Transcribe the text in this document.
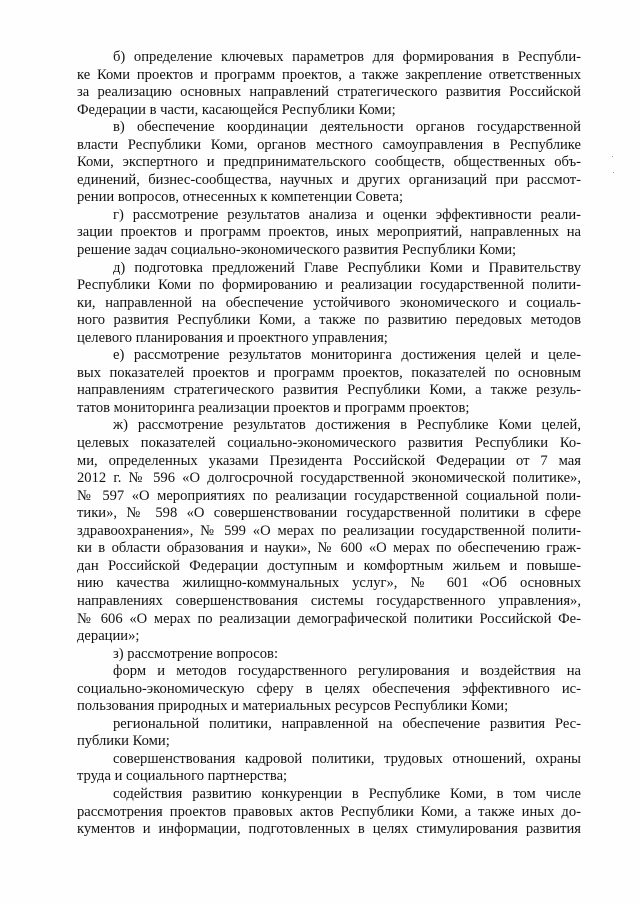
б) определение ключевых параметров для формирования в Республи-
ке Коми проектов и программ проектов, а также закрепление ответственных
за реализацию основных направлений стратегического развития Российской
Федерации в части, касающейся Республики Коми;
в) обеспечение координации деятельности органов государственной
власти Республики Коми, органов местного самоуправления в Республике
Коми, экспертного и предпринимательского сообществ, общественных объ-
единений, бизнес-сообщества, научных и других организаций при рассмот-
рении вопросов, отнесенных к компетенции Совета;
г) рассмотрение результатов анализа и оценки эффективности реали-
зации проектов и программ проектов, иных мероприятий, направленных на
решение задач социально-экономического развития Республики Коми;
д) подготовка предложений Главе Республики Коми и Правительству
Республики Коми по формированию и реализации государственной полити-
ки, направленной на обеспечение устойчивого экономического и социаль-
ного развития Республики Коми, а также по развитию передовых методов
целевого планирования и проектного управления;
е) рассмотрение результатов мониторинга достижения целей и целе-
вых показателей проектов и программ проектов, показателей по основным
направлениям стратегического развития Республики Коми, а также резуль-
татов мониторинга реализации проектов и программ проектов;
ж) рассмотрение результатов достижения в Республике Коми целей,
целевых показателей социально-экономического развития Республики Ко-
ми, определенных указами Президента Российской Федерации от 7 мая
2012 г. № 596 «О долгосрочной государственной экономической политике»,
№ 597 «О мероприятиях по реализации государственной социальной поли-
тики», № 598 «О совершенствовании государственной политики в сфере
здравоохранения», № 599 «О мерах по реализации государственной полити-
ки в области образования и науки», № 600 «О мерах по обеспечению граж-
дан Российской Федерации доступным и комфортным жильем и повыше-
нию качества жилищно-коммунальных услуг», № 601 «Об основных
направлениях совершенствования системы государственного управления»,
№ 606 «О мерах по реализации демографической политики Российской Фе-
дерации»;
з) рассмотрение вопросов:
форм и методов государственного регулирования и воздействия на
социально-экономическую сферу в целях обеспечения эффективного ис-
пользования природных и материальных ресурсов Республики Коми;
региональной политики, направленной на обеспечение развития Рес-
публики Коми;
совершенствования кадровой политики, трудовых отношений, охраны
труда и социального партнерства;
содействия развитию конкуренции в Республике Коми, в том числе
рассмотрения проектов правовых актов Республики Коми, а также иных до-
кументов и информации, подготовленных в целях стимулирования развития
